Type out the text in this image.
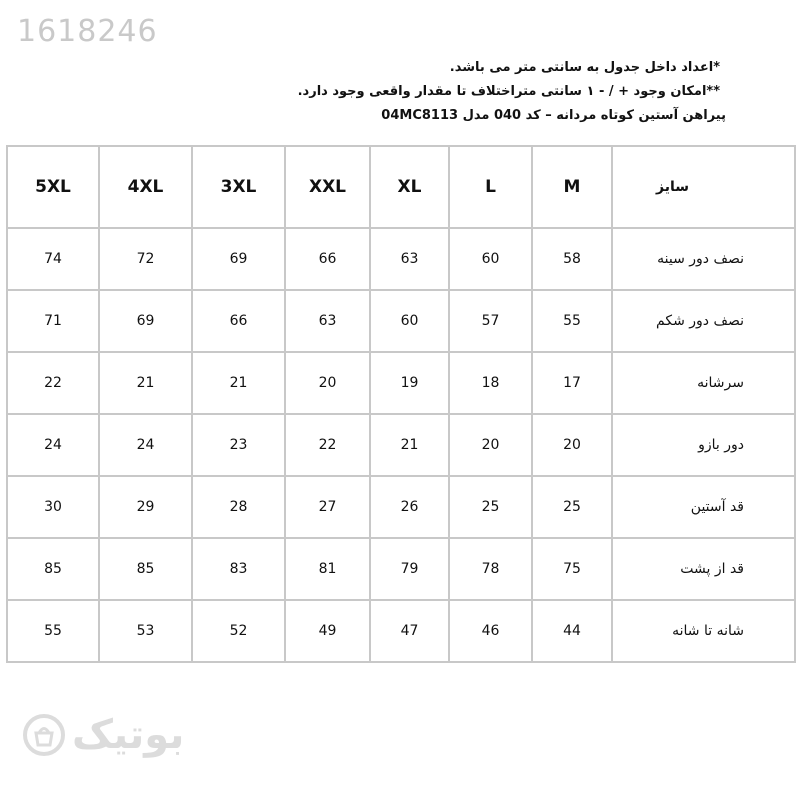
1618246
*اعداد داخل جدول به سانتی متر می باشد.
**امکان وجود + / - ۱ سانتی متراختلاف تا مقدار واقعی وجود دارد.
پیراهن آستین کوتاه مردانه – کد 040 مدل 04MC8113
5XL	4XL	3XL	XXL	XL	L	M	سایز
74	72	69	66	63	60	58	نصف دور سینه
71	69	66	63	60	57	55	نصف دور شکم
22	21	21	20	19	18	17	سرشانه
24	24	23	22	21	20	20	دور بازو
30	29	28	27	26	25	25	قد آستین
85	85	83	81	79	78	75	قد از پشت
55	53	52	49	47	46	44	شانه تا شانه
بوتیک
